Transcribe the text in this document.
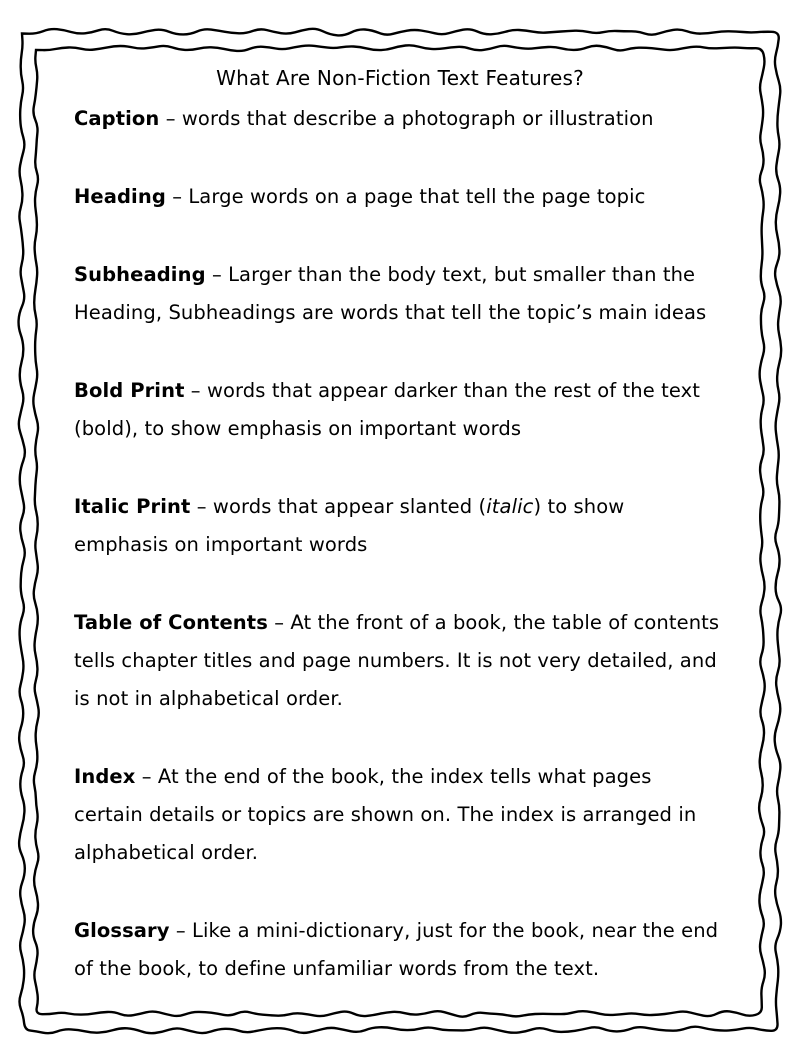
What Are Non-Fiction Text Features?
Caption – words that describe a photograph or illustration
Heading – Large words on a page that tell the page topic
Subheading – Larger than the body text, but smaller than the Heading, Subheadings are words that tell the topic’s main ideas
Bold Print – words that appear darker than the rest of the text (bold), to show emphasis on important words
Italic Print – words that appear slanted (italic) to show emphasis on important words
Table of Contents – At the front of a book, the table of contents tells chapter titles and page numbers. It is not very detailed, and is not in alphabetical order.
Index – At the end of the book, the index tells what pages certain details or topics are shown on. The index is arranged in alphabetical order.
Glossary – Like a mini-dictionary, just for the book, near the end of the book, to define unfamiliar words from the text.
